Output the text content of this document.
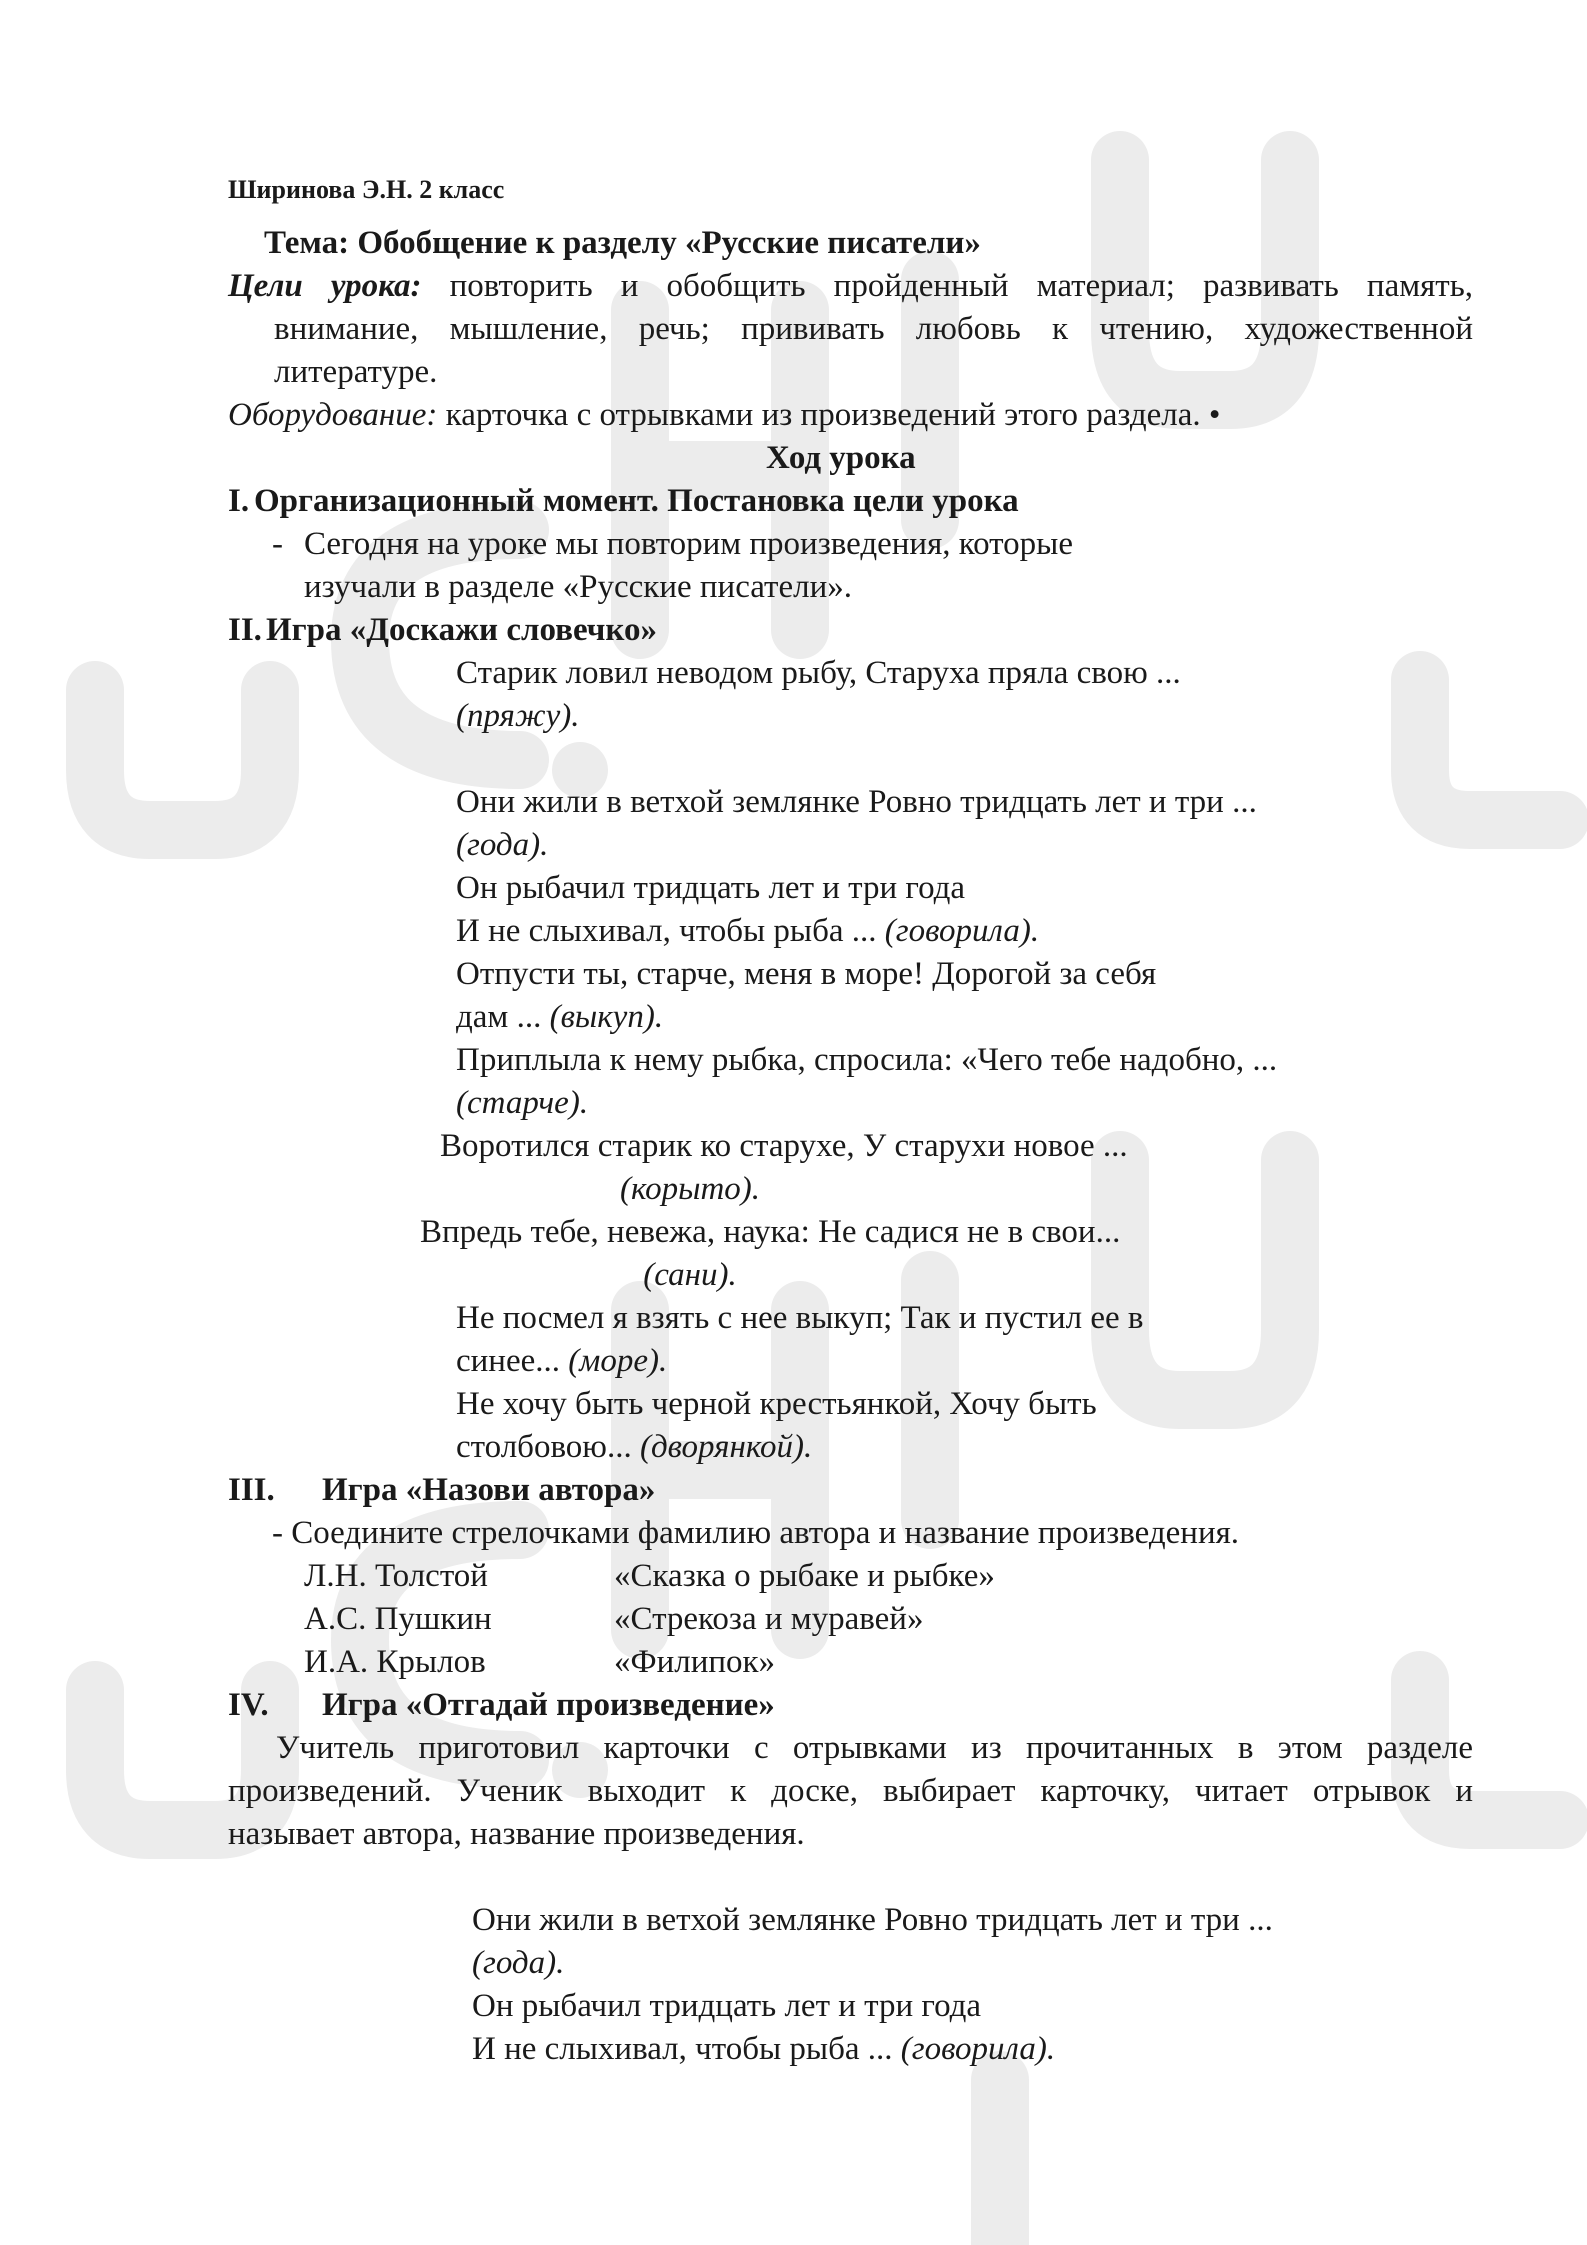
Ширинова Э.Н. 2 класс
Тема: Обобщение к разделу «Русские писатели»
Цели урока: повторить и обобщить пройденный материал; развивать память,
внимание, мышление, речь; прививать любовь к чтению, художественной
литературе.
Оборудование: карточка с отрывками из произведений этого раздела. •
Ход урока
I. Организационный момент. Постановка цели урока
- Сегодня на уроке мы повторим произведения, которые
изучали в разделе «Русские писатели».
II. Игра «Доскажи словечко»
Старик ловил неводом рыбу, Старуха пряла свою ...
(пряжу).
Они жили в ветхой землянке Ровно тридцать лет и три ...
(года).
Он рыбачил тридцать лет и три года
И не слыхивал, чтобы рыба ... (говорила).
Отпусти ты, старче, меня в море! Дорогой за себя
дам ... (выкуп).
Приплыла к нему рыбка, спросила: «Чего тебе надобно, ...
(старче).
Воротился старик ко старухе, У старухи новое ...
(корыто).
Впредь тебе, невежа, наука: Не садися не в свои...
(сани).
Не посмел я взять с нее выкуп; Так и пустил ее в
синее... (море).
Не хочу быть черной крестьянкой, Хочу быть
столбовою... (дворянкой).
III. Игра «Назови автора»
- Соедините стрелочками фамилию автора и название произведения.
Л.Н. Толстой	«Сказка о рыбаке и рыбке»
А.С. Пушкин	«Стрекоза и муравей»
И.А. Крылов	«Филипок»
IV. Игра «Отгадай произведение»
Учитель приготовил карточки с отрывками из прочитанных в этом разделе
произведений. Ученик выходит к доске, выбирает карточку, читает отрывок и
называет автора, название произведения.
Они жили в ветхой землянке Ровно тридцать лет и три ...
(года).
Он рыбачил тридцать лет и три года
И не слыхивал, чтобы рыба ... (говорила).
